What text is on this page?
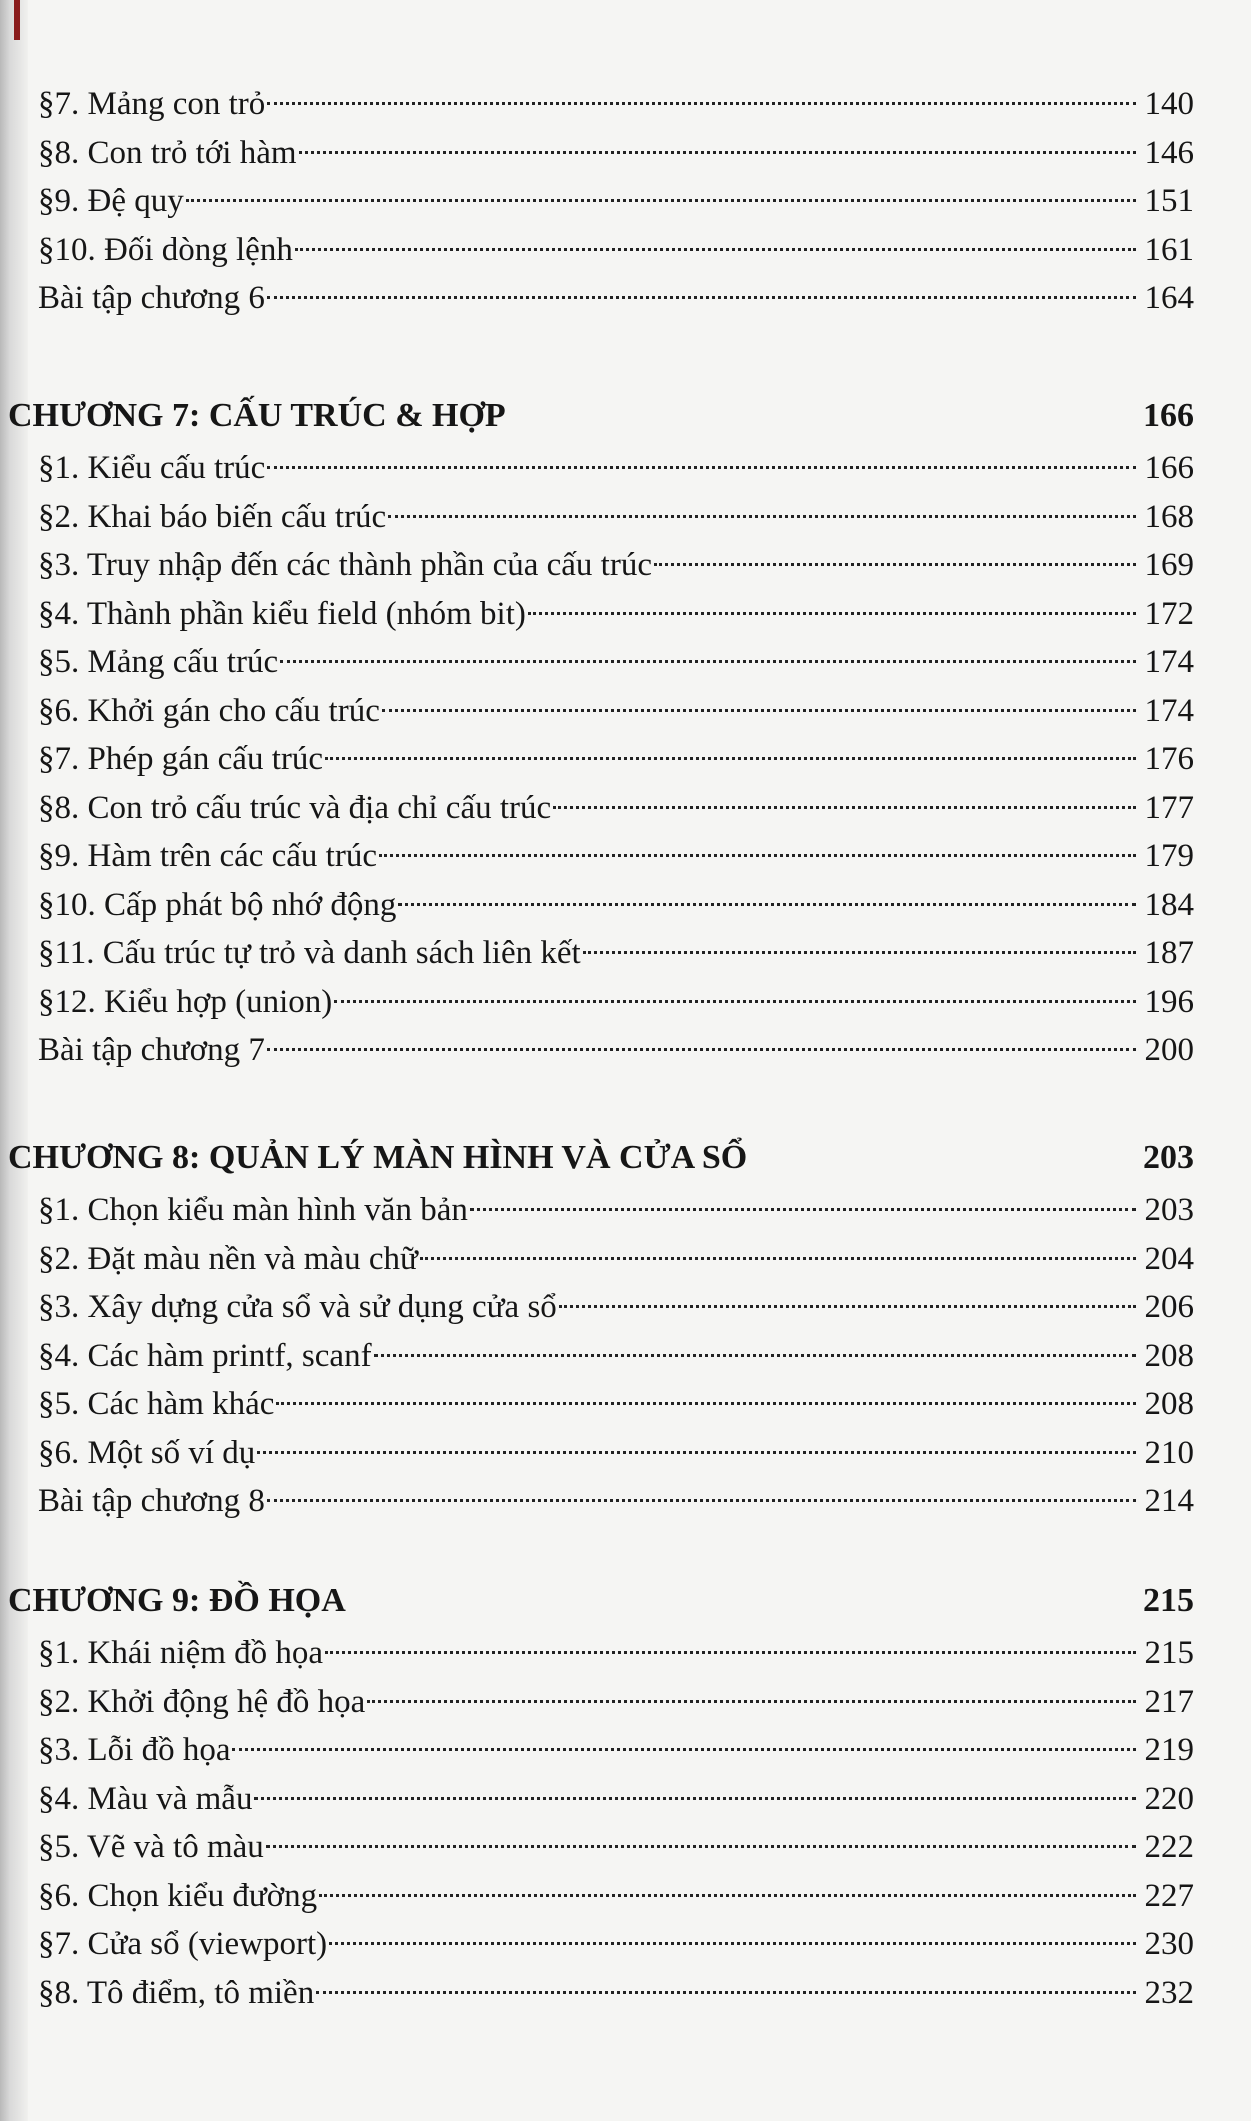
§7. Mảng con trỏ	140
§8. Con trỏ tới hàm	146
§9. Đệ quy	151
§10. Đối dòng lệnh	161
Bài tập chương 6	164
CHƯƠNG 7: CẤU TRÚC & HỢP	166
§1. Kiểu cấu trúc	166
§2. Khai báo biến cấu trúc	168
§3. Truy nhập đến các thành phần của cấu trúc	169
§4. Thành phần kiểu field (nhóm bit)	172
§5. Mảng cấu trúc	174
§6. Khởi gán cho cấu trúc	174
§7. Phép gán cấu trúc	176
§8. Con trỏ cấu trúc và địa chỉ cấu trúc	177
§9. Hàm trên các cấu trúc	179
§10. Cấp phát bộ nhớ động	184
§11. Cấu trúc tự trỏ và danh sách liên kết	187
§12. Kiểu hợp (union)	196
Bài tập chương 7	200
CHƯƠNG 8: QUẢN LÝ MÀN HÌNH VÀ CỬA SỔ	203
§1. Chọn kiểu màn hình văn bản	203
§2. Đặt màu nền và màu chữ	204
§3. Xây dựng cửa sổ và sử dụng cửa sổ	206
§4. Các hàm printf, scanf	208
§5. Các hàm khác	208
§6. Một số ví dụ	210
Bài tập chương 8	214
CHƯƠNG 9: ĐỒ HỌA	215
§1. Khái niệm đồ họa	215
§2. Khởi động hệ đồ họa	217
§3. Lỗi đồ họa	219
§4. Màu và mẫu	220
§5. Vẽ và tô màu	222
§6. Chọn kiểu đường	227
§7. Cửa sổ (viewport)	230
§8. Tô điểm, tô miền	232
